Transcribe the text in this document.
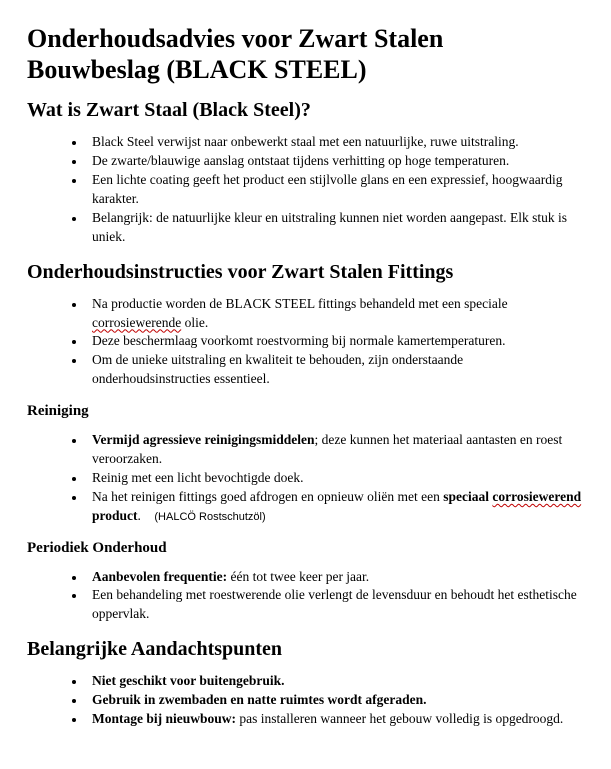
Onderhoudsadvies voor Zwart Stalen Bouwbeslag (BLACK STEEL)
Wat is Zwart Staal (Black Steel)?
• Black Steel verwijst naar onbewerkt staal met een natuurlijke, ruwe uitstraling.
• De zwarte/blauwige aanslag ontstaat tijdens verhitting op hoge temperaturen.
• Een lichte coating geeft het product een stijlvolle glans en een expressief, hoogwaardig karakter.
• Belangrijk: de natuurlijke kleur en uitstraling kunnen niet worden aangepast. Elk stuk is uniek.
Onderhoudsinstructies voor Zwart Stalen Fittings
• Na productie worden de BLACK STEEL fittings behandeld met een speciale corrosiewerende olie.
• Deze beschermlaag voorkomt roestvorming bij normale kamertemperaturen.
• Om de unieke uitstraling en kwaliteit te behouden, zijn onderstaande onderhoudsinstructies essentieel.
Reiniging
• Vermijd agressieve reinigingsmiddelen; deze kunnen het materiaal aantasten en roest veroorzaken.
• Reinig met een licht bevochtigde doek.
• Na het reinigen fittings goed afdrogen en opnieuw oliën met een speciaal corrosiewerend product.  (HALCÖ Rostschutzöl)
Periodiek Onderhoud
• Aanbevolen frequentie: één tot twee keer per jaar.
• Een behandeling met roestwerende olie verlengt de levensduur en behoudt het esthetische oppervlak.
Belangrijke Aandachtspunten
• Niet geschikt voor buitengebruik.
• Gebruik in zwembaden en natte ruimtes wordt afgeraden.
• Montage bij nieuwbouw: pas installeren wanneer het gebouw volledig is opgedroogd.
